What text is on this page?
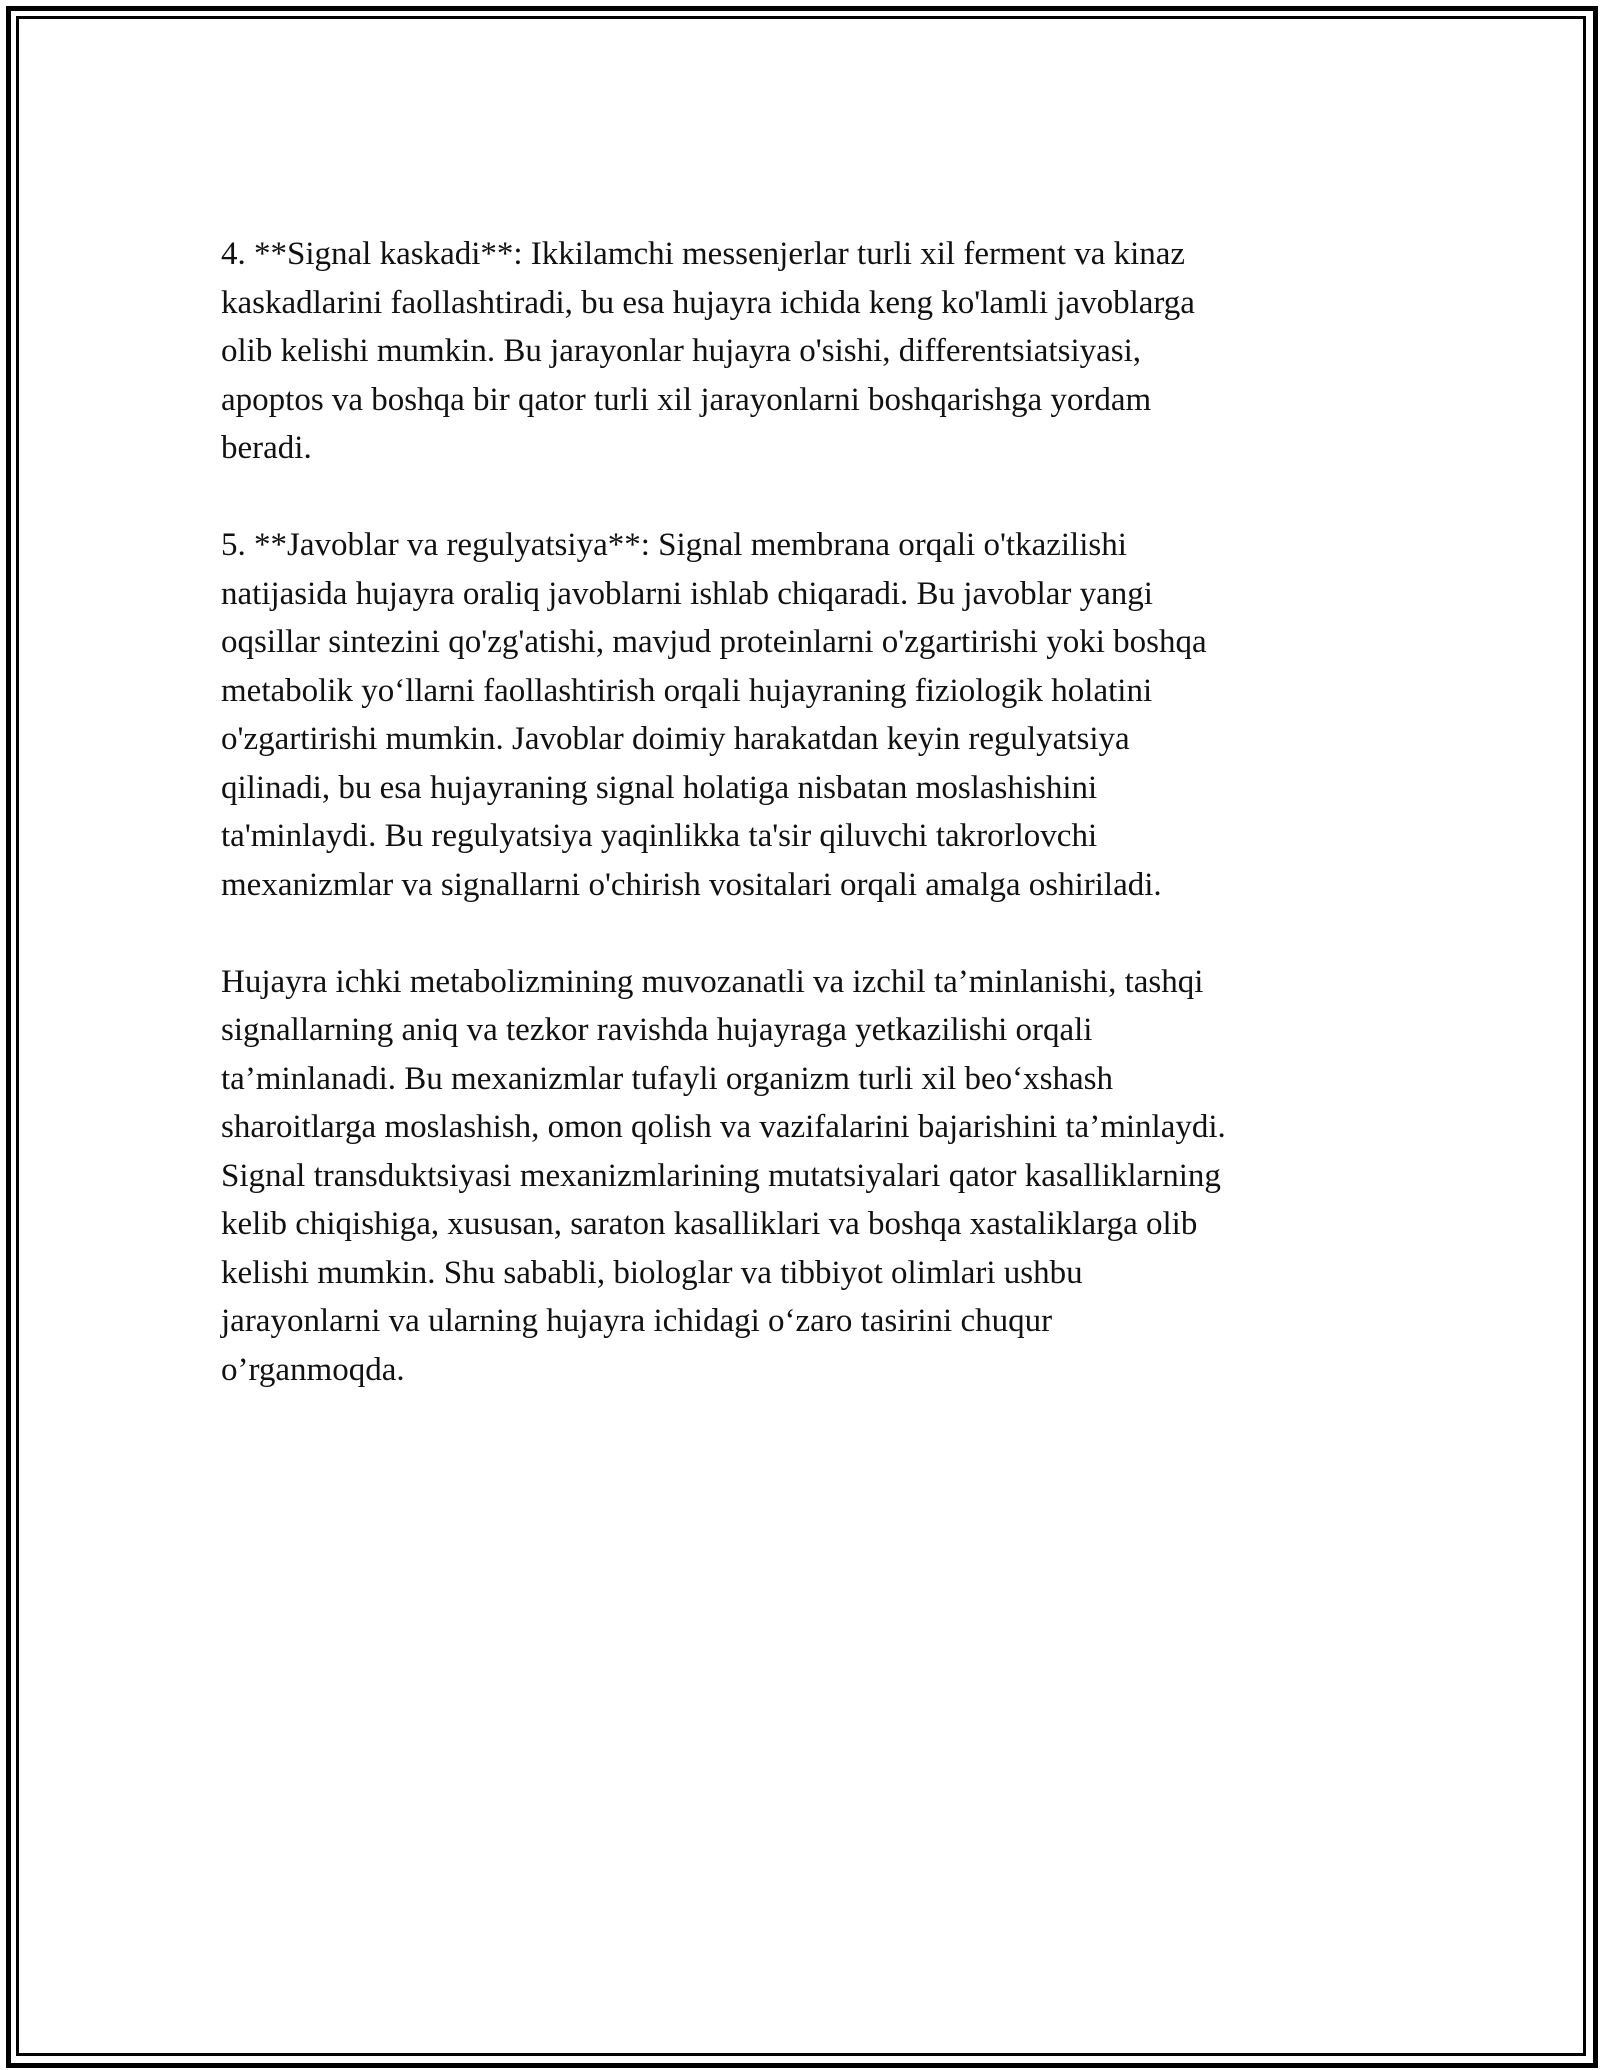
4. **Signal kaskadi**: Ikkilamchi messenjerlar turli xil ferment va kinaz
kaskadlarini faollashtiradi, bu esa hujayra ichida keng ko'lamli javoblarga
olib kelishi mumkin. Bu jarayonlar hujayra o'sishi, differentsiatsiyasi,
apoptos va boshqa bir qator turli xil jarayonlarni boshqarishga yordam
beradi.

5. **Javoblar va regulyatsiya**: Signal membrana orqali o'tkazilishi
natijasida hujayra oraliq javoblarni ishlab chiqaradi. Bu javoblar yangi
oqsillar sintezini qo'zg'atishi, mavjud proteinlarni o'zgartirishi yoki boshqa
metabolik yo‘llarni faollashtirish orqali hujayraning fiziologik holatini
o'zgartirishi mumkin. Javoblar doimiy harakatdan keyin regulyatsiya
qilinadi, bu esa hujayraning signal holatiga nisbatan moslashishini
ta'minlaydi. Bu regulyatsiya yaqinlikka ta'sir qiluvchi takrorlovchi
mexanizmlar va signallarni o'chirish vositalari orqali amalga oshiriladi.

Hujayra ichki metabolizmining muvozanatli va izchil ta’minlanishi, tashqi
signallarning aniq va tezkor ravishda hujayraga yetkazilishi orqali
ta’minlanadi. Bu mexanizmlar tufayli organizm turli xil beo‘xshash
sharoitlarga moslashish, omon qolish va vazifalarini bajarishini ta’minlaydi.
Signal transduktsiyasi mexanizmlarining mutatsiyalari qator kasalliklarning
kelib chiqishiga, xususan, saraton kasalliklari va boshqa xastaliklarga olib
kelishi mumkin. Shu sababli, biologlar va tibbiyot olimlari ushbu
jarayonlarni va ularning hujayra ichidagi o‘zaro tasirini chuqur
o’rganmoqda.
